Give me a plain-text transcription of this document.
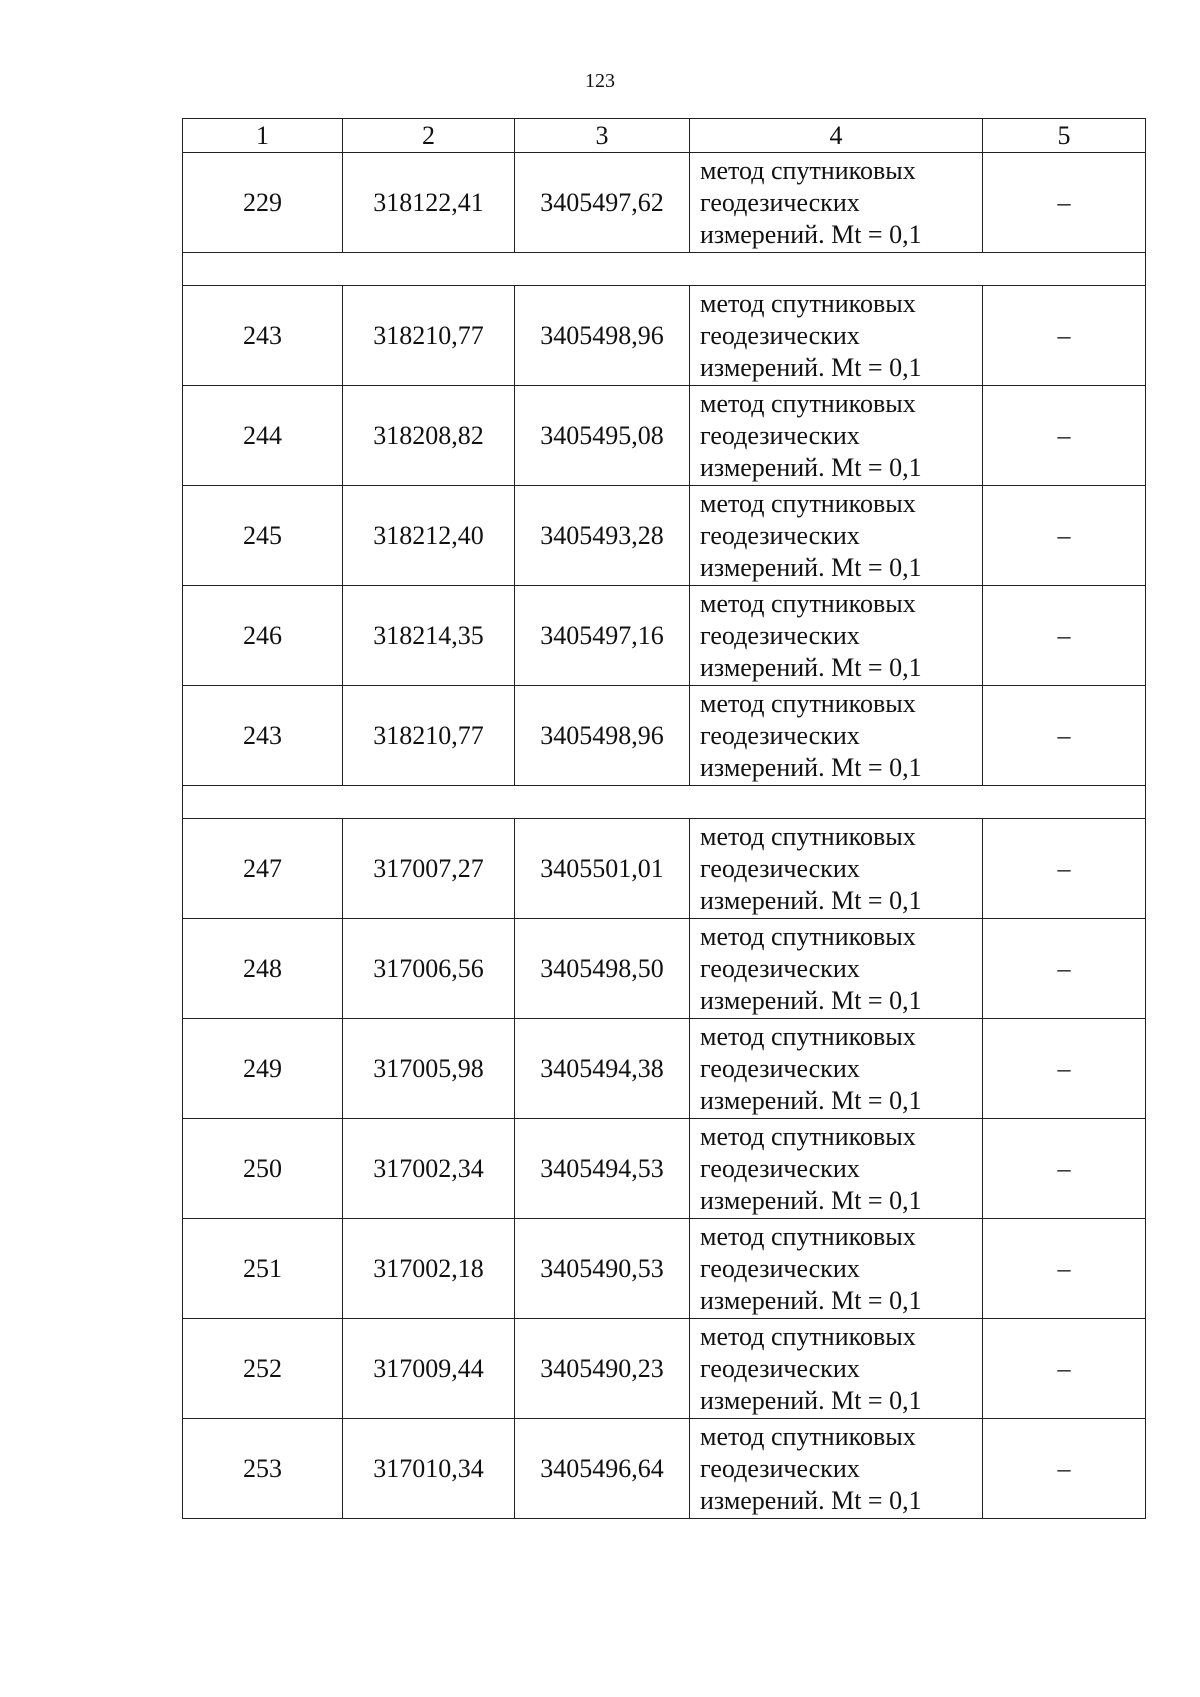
123
1	2	3	4	5
229	318122,41	3405497,62	метод спутниковых
геодезических
измерений. Mt = 0,1	–

243	318210,77	3405498,96	метод спутниковых
геодезических
измерений. Mt = 0,1	–
244	318208,82	3405495,08	метод спутниковых
геодезических
измерений. Mt = 0,1	–
245	318212,40	3405493,28	метод спутниковых
геодезических
измерений. Mt = 0,1	–
246	318214,35	3405497,16	метод спутниковых
геодезических
измерений. Mt = 0,1	–
243	318210,77	3405498,96	метод спутниковых
геодезических
измерений. Mt = 0,1	–

247	317007,27	3405501,01	метод спутниковых
геодезических
измерений. Mt = 0,1	–
248	317006,56	3405498,50	метод спутниковых
геодезических
измерений. Mt = 0,1	–
249	317005,98	3405494,38	метод спутниковых
геодезических
измерений. Mt = 0,1	–
250	317002,34	3405494,53	метод спутниковых
геодезических
измерений. Mt = 0,1	–
251	317002,18	3405490,53	метод спутниковых
геодезических
измерений. Mt = 0,1	–
252	317009,44	3405490,23	метод спутниковых
геодезических
измерений. Mt = 0,1	–
253	317010,34	3405496,64	метод спутниковых
геодезических
измерений. Mt = 0,1	–
